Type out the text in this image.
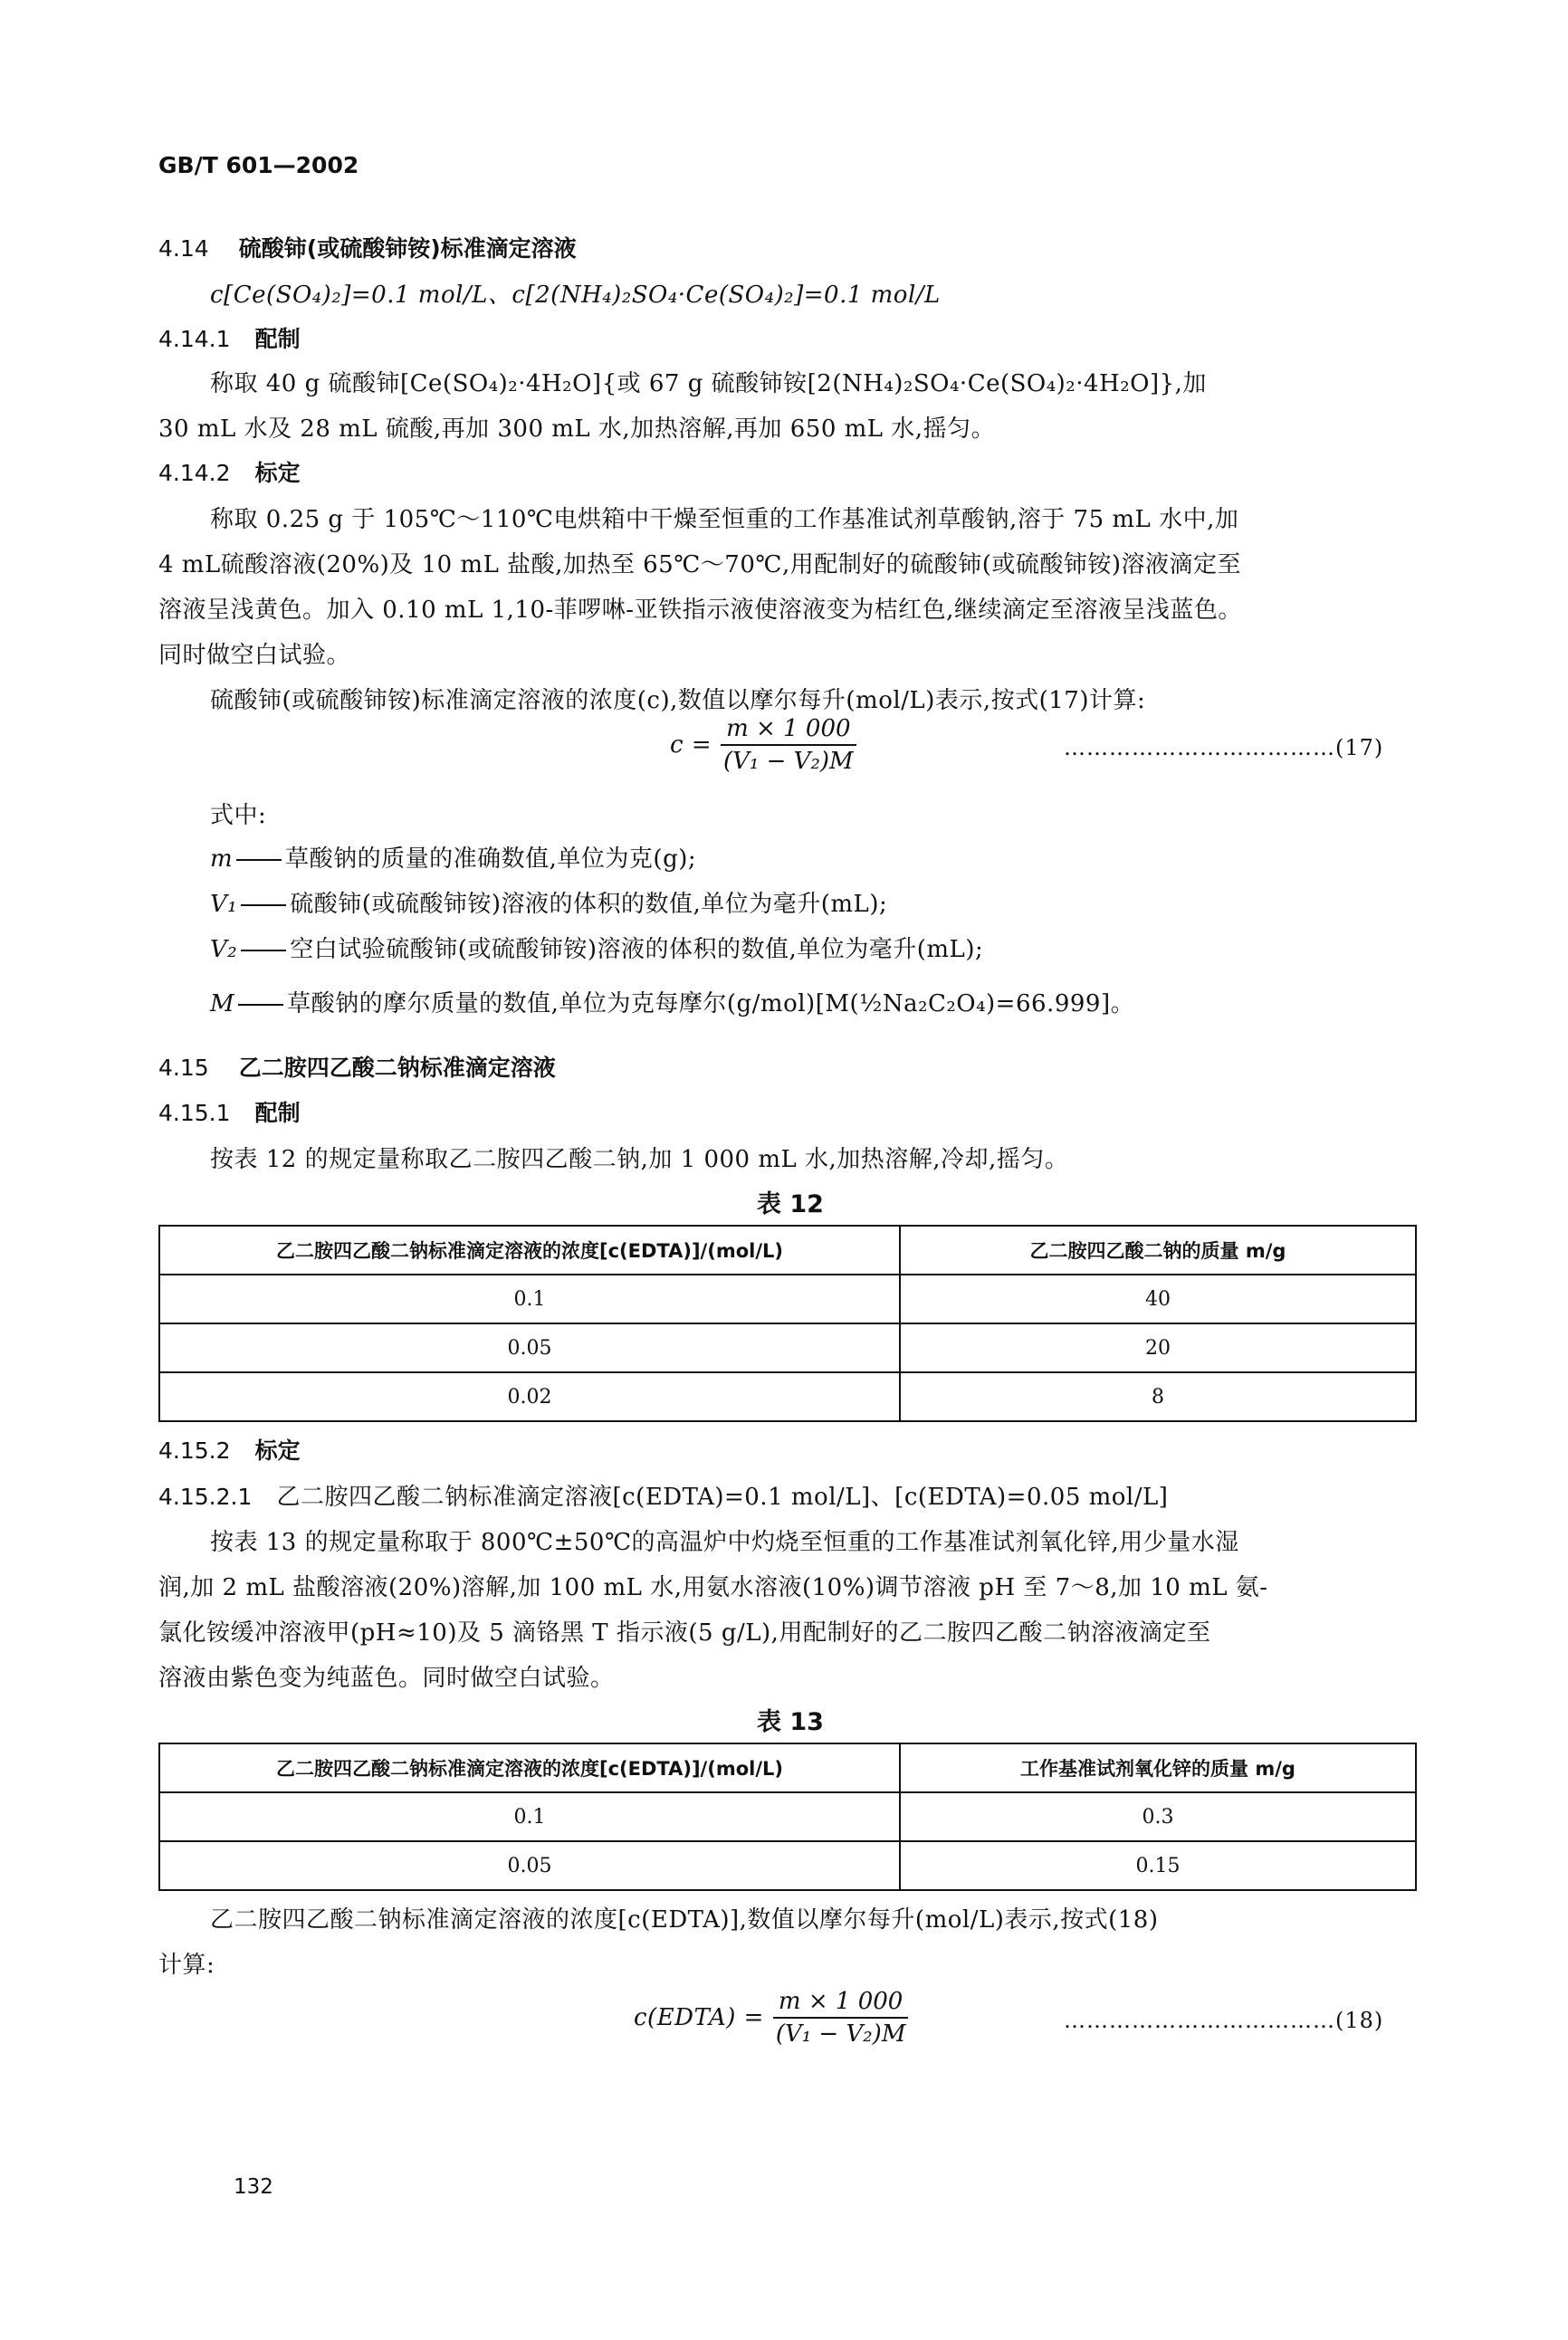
GB/T 601—2002
4.14 硫酸铈(或硫酸铈铵)标准滴定溶液
c[Ce(SO₄)₂]=0.1 mol/L、c[2(NH₄)₂SO₄·Ce(SO₄)₂]=0.1 mol/L
4.14.1 配制
称取 40 g 硫酸铈[Ce(SO₄)₂·4H₂O]{或 67 g 硫酸铈铵[2(NH₄)₂SO₄·Ce(SO₄)₂·4H₂O]},加
30 mL 水及 28 mL 硫酸,再加 300 mL 水,加热溶解,再加 650 mL 水,摇匀。
4.14.2 标定
称取 0.25 g 于 105℃～110℃电烘箱中干燥至恒重的工作基准试剂草酸钠,溶于 75 mL 水中,加
4 mL硫酸溶液(20%)及 10 mL 盐酸,加热至 65℃～70℃,用配制好的硫酸铈(或硫酸铈铵)溶液滴定至
溶液呈浅黄色。加入 0.10 mL 1,10-菲啰啉-亚铁指示液使溶液变为桔红色,继续滴定至溶液呈浅蓝色。
同时做空白试验。
硫酸铈(或硫酸铈铵)标准滴定溶液的浓度(c),数值以摩尔每升(mol/L)表示,按式(17)计算:
$c = \frac{m \times 1 000}{\text{(V₁ − V₂)M}}$	………………………………(17)
式中:
m 草酸钠的质量的准确数值,单位为克(g);
V₁ 硫酸铈(或硫酸铈铵)溶液的体积的数值,单位为毫升(mL);
V₂ 空白试验硫酸铈(或硫酸铈铵)溶液的体积的数值,单位为毫升(mL);
M 草酸钠的摩尔质量的数值,单位为克每摩尔(g/mol)[M(½Na₂C₂O₄)=66.999]。
4.15 乙二胺四乙酸二钠标准滴定溶液
4.15.1 配制
按表 12 的规定量称取乙二胺四乙酸二钠,加 1 000 mL 水,加热溶解,冷却,摇匀。
表 12
乙二胺四乙酸二钠标准滴定溶液的浓度[c(EDTA)]/(mol/L)	乙二胺四乙酸二钠的质量 m/g
0.1	40
0.05	20
0.02	8
4.15.2 标定
4.15.2.1 乙二胺四乙酸二钠标准滴定溶液[c(EDTA)=0.1 mol/L]、[c(EDTA)=0.05 mol/L]
按表 13 的规定量称取于 800℃±50℃的高温炉中灼烧至恒重的工作基准试剂氧化锌,用少量水湿
润,加 2 mL 盐酸溶液(20%)溶解,加 100 mL 水,用氨水溶液(10%)调节溶液 pH 至 7～8,加 10 mL 氨-
氯化铵缓冲溶液甲(pH≈10)及 5 滴铬黑 T 指示液(5 g/L),用配制好的乙二胺四乙酸二钠溶液滴定至
溶液由紫色变为纯蓝色。同时做空白试验。
表 13
乙二胺四乙酸二钠标准滴定溶液的浓度[c(EDTA)]/(mol/L)	工作基准试剂氧化锌的质量 m/g
0.1	0.3
0.05	0.15
乙二胺四乙酸二钠标准滴定溶液的浓度[c(EDTA)],数值以摩尔每升(mol/L)表示,按式(18)
计算:
c(EDTA) = $\frac{m \times 1 000}{\text{(V₁ − V₂)M}}$	………………………………(18)
132
